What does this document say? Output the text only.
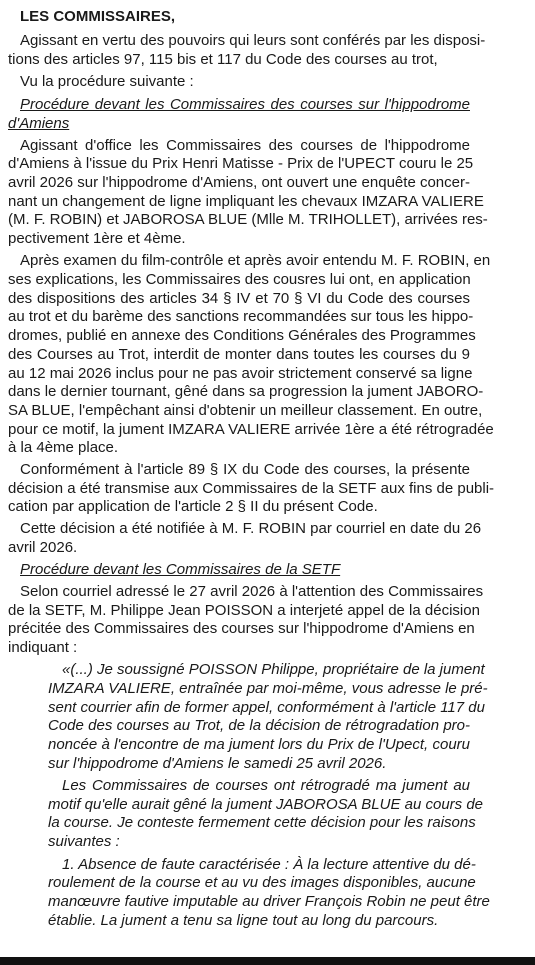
LES COMMISSAIRES,
Agissant en vertu des pouvoirs qui leurs sont conférés par les disposi-
tions des articles 97, 115 bis et 117 du Code des courses au trot,
Vu la procédure suivante :
Procédure devant les Commissaires des courses sur l'hippodrome
d'Amiens
Agissant d'office les Commissaires des courses de l'hippodrome
d'Amiens à l'issue du Prix Henri Matisse - Prix de l'UPECT couru le 25
avril 2026 sur l'hippodrome d'Amiens, ont ouvert une enquête concer-
nant un changement de ligne impliquant les chevaux IMZARA VALIERE
(M. F. ROBIN) et JABOROSA BLUE (Mlle M. TRIHOLLET), arrivées res-
pectivement 1ère et 4ème.
Après examen du film-contrôle et après avoir entendu M. F. ROBIN, en
ses explications, les Commissaires des cousres lui ont, en application
des dispositions des articles 34 § IV et 70 § VI du Code des courses
au trot et du barème des sanctions recommandées sur tous les hippo-
dromes, publié en annexe des Conditions Générales des Programmes
des Courses au Trot, interdit de monter dans toutes les courses du 9
au 12 mai 2026 inclus pour ne pas avoir strictement conservé sa ligne
dans le dernier tournant, gêné dans sa progression la jument JABORO-
SA BLUE, l'empêchant ainsi d'obtenir un meilleur classement. En outre,
pour ce motif, la jument IMZARA VALIERE arrivée 1ère a été rétrogradée
à la 4ème place.
Conformément à l'article 89 § IX du Code des courses, la présente
décision a été transmise aux Commissaires de la SETF aux fins de publi-
cation par application de l'article 2 § II du présent Code.
Cette décision a été notifiée à M. F. ROBIN par courriel en date du 26
avril 2026.
Procédure devant les Commissaires de la SETF
Selon courriel adressé le 27 avril 2026 à l'attention des Commissaires
de la SETF, M. Philippe Jean POISSON a interjeté appel de la décision
précitée des Commissaires des courses sur l'hippodrome d'Amiens en
indiquant :
«(...) Je soussigné POISSON Philippe, propriétaire de la jument
IMZARA VALIERE, entraînée par moi-même, vous adresse le pré-
sent courrier afin de former appel, conformément à l'article 117 du
Code des courses au Trot, de la décision de rétrogradation pro-
noncée à l'encontre de ma jument lors du Prix de l'Upect, couru
sur l'hippodrome d'Amiens le samedi 25 avril 2026.
Les Commissaires de courses ont rétrogradé ma jument au
motif qu'elle aurait gêné la jument JABOROSA BLUE au cours de
la course. Je conteste fermement cette décision pour les raisons
suivantes :
1. Absence de faute caractérisée : À la lecture attentive du dé-
roulement de la course et au vu des images disponibles, aucune
manœuvre fautive imputable au driver François Robin ne peut être
établie. La jument a tenu sa ligne tout au long du parcours.
